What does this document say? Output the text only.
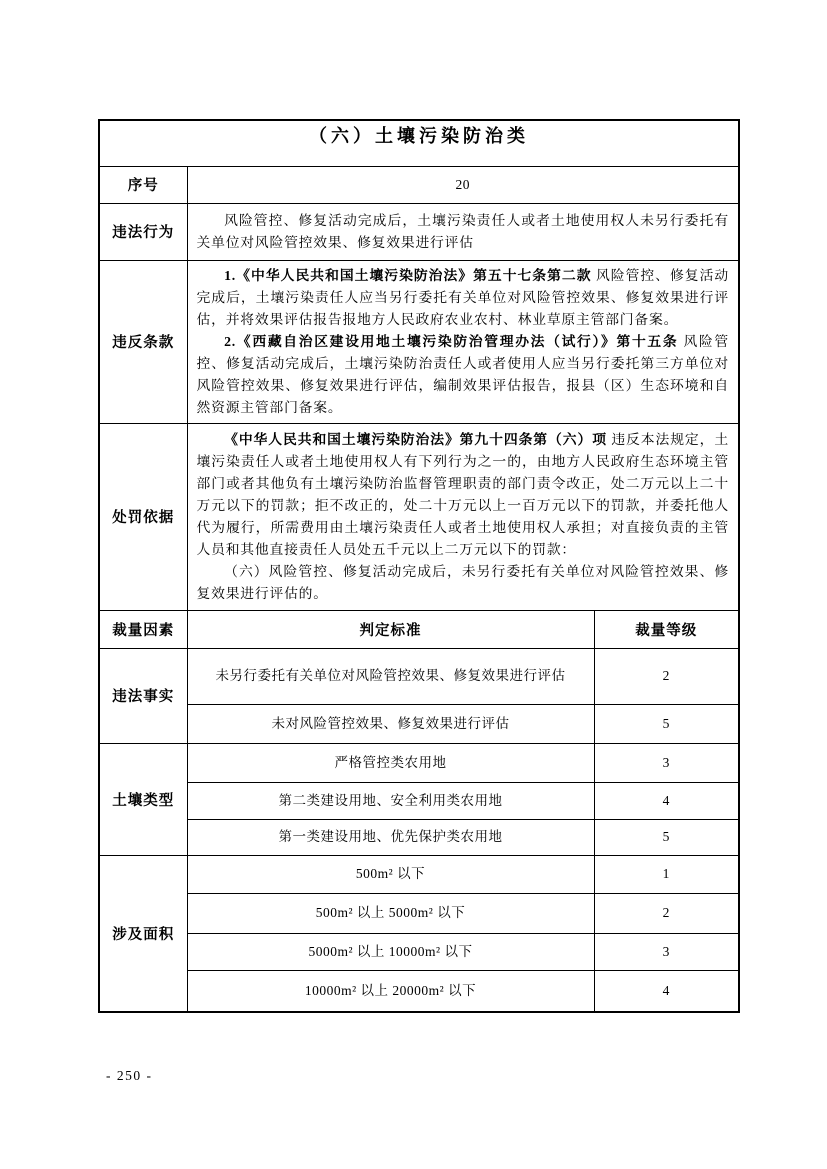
（六）土壤污染防治类		
序号	20	
违法行为	风险管控、修复活动完成后，土壤污染责任人或者土地使用权人未另行委托有关单位对风险管控效果、修复效果进行评估	

违反条款	1.《中华人民共和国土壤污染防治法》第五十七条第二款 风险管控、修复活动完成后，土壤污染责任人应当另行委托有关单位对风险管控效果、修复效果进行评估，并将效果评估报告报地方人民政府农业农村、林业草原主管部门备案。

2.《西藏自治区建设用地土壤污染防治管理办法（试行）》第十五条 风险管控、修复活动完成后，土壤污染防治责任人或者使用人应当另行委托第三方单位对风险管控效果、修复效果进行评估，编制效果评估报告，报县（区）生态环境和自然资源主管部门备案。	

处罚依据	《中华人民共和国土壤污染防治法》第九十四条第（六）项 违反本法规定，土壤污染责任人或者土地使用权人有下列行为之一的，由地方人民政府生态环境主管部门或者其他负有土壤污染防治监督管理职责的部门责令改正，处二万元以上二十万元以下的罚款；拒不改正的，处二十万元以上一百万元以下的罚款，并委托他人代为履行，所需费用由土壤污染责任人或者土地使用权人承担；对直接负责的主管人员和其他直接责任人员处五千元以上二万元以下的罚款：

（六）风险管控、修复活动完成后，未另行委托有关单位对风险管控效果、修复效果进行评估的。	

裁量因素	判定标准	裁量等级
违法事实	未另行委托有关单位对风险管控效果、修复效果进行评估	2
	未对风险管控效果、修复效果进行评估	5
土壤类型	严格管控类农用地	3
	第二类建设用地、安全利用类农用地	4
	第一类建设用地、优先保护类农用地	5
涉及面积	500m² 以下	1
	500m² 以上 5000m² 以下	2
	5000m² 以上 10000m² 以下	3
	10000m² 以上 20000m² 以下	4
- 250 -
